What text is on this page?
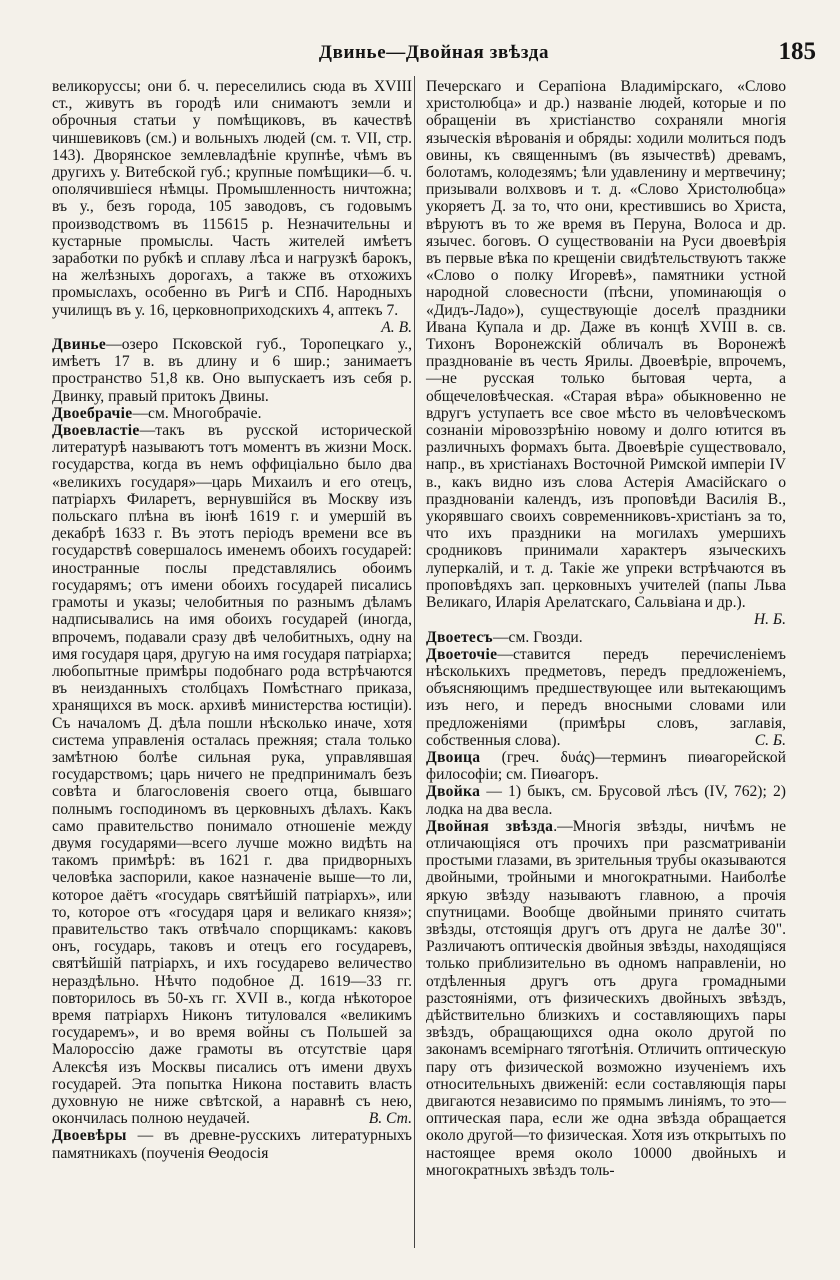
Двинье—Двойная звѣзда	185

великоруссы; они б. ч. переселились сюда въ XVIII ст., живутъ въ городѣ или снимаютъ земли и оброчныя статьи у помѣщиковъ, въ качествѣ чиншевиковъ (см.) и вольныхъ людей (см. т. VII, стр. 143). Дворянское землевладѣніе крупнѣе, чѣмъ въ другихъ у. Витебской губ.; крупные помѣщики—б. ч. ополячившіеся нѣмцы. Промышленность ничтожна; въ у., безъ города, 105 заводовъ, съ годовымъ производствомъ въ 115615 р. Незначительны и кустарные промыслы. Часть жителей имѣетъ заработки по рубкѣ и сплаву лѣса и нагрузкѣ барокъ, на желѣзныхъ дорогахъ, а также въ отхожихъ промыслахъ, особенно въ Ригѣ и СПб. Народныхъ училищъ въ у. 16, церковноприходскихъ 4, аптекъ 7.
А. В.

Двинье—озеро Псковской губ., Торопецкаго у., имѣетъ 17 в. въ длину и 6 шир.; занимаетъ пространство 51,8 кв. Оно выпускаетъ изъ себя р. Двинку, правый притокъ Двины.

Двоебрачіе—см. Многобрачіе.

Двоевластіе—такъ въ русской исторической литературѣ называютъ тотъ моментъ въ жизни Моск. государства, когда въ немъ оффиціально было два «великихъ государя»—царь Михаилъ и его отецъ, патріархъ Филаретъ, вернувшійся въ Москву изъ польскаго плѣна въ іюнѣ 1619 г. и умершій въ декабрѣ 1633 г. Въ этотъ періодъ времени все въ государствѣ совершалось именемъ обоихъ государей: иностранные послы представлялись обоимъ государямъ; отъ имени обоихъ государей писались грамоты и указы; челобитныя по разнымъ дѣламъ надписывались на имя обоихъ государей (иногда, впрочемъ, подавали сразу двѣ челобитныхъ, одну на имя государя царя, другую на имя государя патріарха; любопытные примѣры подобнаго рода встрѣчаются въ неизданныхъ столбцахъ Помѣстнаго приказа, хранящихся въ моск. архивѣ министерства юстиціи). Съ началомъ Д. дѣла пошли нѣсколько иначе, хотя система управленія осталась прежняя; стала только замѣтною болѣе сильная рука, управлявшая государствомъ; царь ничего не предпринималъ безъ совѣта и благословенія своего отца, бывшаго полнымъ господиномъ въ церковныхъ дѣлахъ. Какъ само правительство понимало отношеніе между двумя государями—всего лучше можно видѣть на такомъ примѣрѣ: въ 1621 г. два придворныхъ человѣка заспорили, какое назначеніе выше—то ли, которое даётъ «государь святѣйшій патріархъ», или то, которое отъ «государя царя и великаго князя»; правительство такъ отвѣчало спорщикамъ: каковъ онъ, государь, таковъ и отецъ его государевъ, святѣйшій патріархъ, и ихъ государево величество нераздѣльно. Нѣчто подобное Д. 1619—33 гг. повторилось въ 50-хъ гг. XVII в., когда нѣкоторое время патріархъ Никонъ титуловался «великимъ государемъ», и во время войны съ Польшей за Малороссію даже грамоты въ отсутствіе царя Алексѣя изъ Москвы писались отъ имени двухъ государей. Эта попытка Никона поставить власть духовную не ниже свѣтской, а наравнѣ съ нею, окончилась полною неудачей.	В. Ст.

Двоевѣры — въ древне-русскихъ литературныхъ памятникахъ (поученія Ѳеодосія

Печерскаго и Серапіона Владимірскаго, «Слово христолюбца» и др.) названіе людей, которые и по обращеніи въ христіанство сохраняли многія языческія вѣрованія и обряды: ходили молиться подъ овины, къ священнымъ (въ язычествѣ) древамъ, болотамъ, колодезямъ; ѣли удавленину и мертвечину; призывали волхвовъ и т. д. «Слово Христолюбца» укоряетъ Д. за то, что они, крестившись во Христа, вѣруютъ въ то же время въ Перуна, Волоса и др. язычес. боговъ. О существованіи на Руси двоевѣрія въ первые вѣка по крещеніи свидѣтельствуютъ также «Слово о полку Игоревѣ», памятники устной народной словесности (пѣсни, упоминающія о «Дидъ-Ладо»), существующіе доселѣ праздники Ивана Купала и др. Даже въ концѣ XVIII в. св. Тихонъ Воронежскій обличалъ въ Воронежѣ празднованіе въ честь Ярилы. Двоевѣріе, впрочемъ,—не русская только бытовая черта, а общечеловѣческая. «Старая вѣра» обыкновенно не вдругъ уступаетъ все свое мѣсто въ человѣческомъ сознаніи міровоззрѣнію новому и долго ютится въ различныхъ формахъ быта. Двоевѣріе существовало, напр., въ христіанахъ Восточной Римской имперіи IV в., какъ видно изъ слова Астерія Амасійскаго о празднованіи календъ, изъ проповѣди Василія В., укорявшаго своихъ современниковъ-христіанъ за то, что ихъ праздники на могилахъ умершихъ сродниковъ принимали характеръ языческихъ луперкалій, и т. д. Такіе же упреки встрѣчаются въ проповѣдяхъ зап. церковныхъ учителей (папы Льва Великаго, Иларія Арелатскаго, Сальвіана и др.).
Н. Б.

Двоетесъ—см. Гвозди.

Двоеточіе—ставится передъ перечисленіемъ нѣсколькихъ предметовъ, передъ предложеніемъ, объясняющимъ предшествующее или вытекающимъ изъ него, и передъ вносными словами или предложеніями (примѣры словъ, заглавія, собственныя слова).	С. Б.

Двоица (греч. δυάς)—терминъ пиѳагорейской философіи; см. Пиѳагоръ.

Двойка — 1) быкъ, см. Брусовой лѣсъ (IV, 762); 2) лодка на два весла.

Двойная звѣзда.—Многія звѣзды, ничѣмъ не отличающіяся отъ прочихъ при разсматриваніи простыми глазами, въ зрительныя трубы оказываются двойными, тройными и многократными. Наиболѣе яркую звѣзду называютъ главною, а прочія спутницами. Вообще двойными принято считать звѣзды, отстоящія другъ отъ друга не далѣе 30". Различаютъ оптическія двойныя звѣзды, находящіяся только приблизительно въ одномъ направленіи, но отдѣленныя другъ отъ друга громадными разстояніями, отъ физическихъ двойныхъ звѣздъ, дѣйствительно близкихъ и составляющихъ пары звѣздъ, обращающихся одна около другой по законамъ всемірнаго тяготѣнія. Отличить оптическую пару отъ физической возможно изученіемъ ихъ относительныхъ движеній: если составляющія пары двигаются независимо по прямымъ линіямъ, то это—оптическая пара, если же одна звѣзда обращается около другой—то физическая. Хотя изъ открытыхъ по настоящее время около 10000 двойныхъ и многократныхъ звѣздъ толь-
